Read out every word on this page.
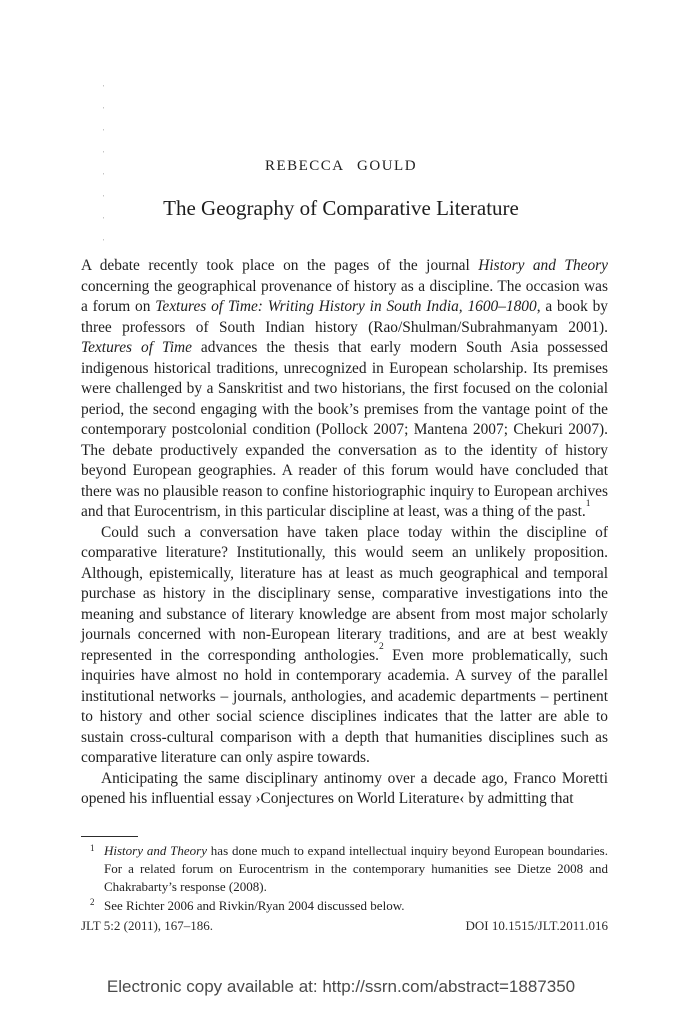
REBECCA GOULD
The Geography of Comparative Literature

A debate recently took place on the pages of the journal History and Theory concerning the geographical provenance of history as a discipline. The occasion was a forum on Textures of Time: Writing History in South India, 1600–1800, a book by three professors of South Indian history (Rao/Shulman/Subrahmanyam 2001). Textures of Time advances the thesis that early modern South Asia possessed indigenous historical traditions, unrecognized in European scholarship. Its premises were challenged by a Sanskritist and two historians, the first focused on the colonial period, the second engaging with the book’s premises from the vantage point of the contemporary postcolonial condition (Pollock 2007; Mantena 2007; Chekuri 2007). The debate productively expanded the conversation as to the identity of history beyond European geographies. A reader of this forum would have concluded that there was no plausible reason to confine historiographic inquiry to European archives and that Eurocentrism, in this particular discipline at least, was a thing of the past.$^1$

Could such a conversation have taken place today within the discipline of comparative literature? Institutionally, this would seem an unlikely proposition. Although, epistemically, literature has at least as much geographical and temporal purchase as history in the disciplinary sense, comparative investigations into the meaning and substance of literary knowledge are absent from most major scholarly journals concerned with non-European literary traditions, and are at best weakly represented in the corresponding anthologies.$^2$ Even more problematically, such inquiries have almost no hold in contemporary academia. A survey of the parallel institutional networks – journals, anthologies, and academic departments – pertinent to history and other social science disciplines indicates that the latter are able to sustain cross-cultural comparison with a depth that humanities disciplines such as comparative literature can only aspire towards.

Anticipating the same disciplinary antinomy over a decade ago, Franco Moretti opened his influential essay ›Conjectures on World Literature‹ by admitting that

1 History and Theory has done much to expand intellectual inquiry beyond European boundaries. For a related forum on Eurocentrism in the contemporary humanities see Dietze 2008 and Chakrabarty’s response (2008).
2 See Richter 2006 and Rivkin/Ryan 2004 discussed below.
JLT 5:2 (2011), 167–186.	DOI 10.1515/JLT.2011.016
Electronic copy available at: http://ssrn.com/abstract=1887350
